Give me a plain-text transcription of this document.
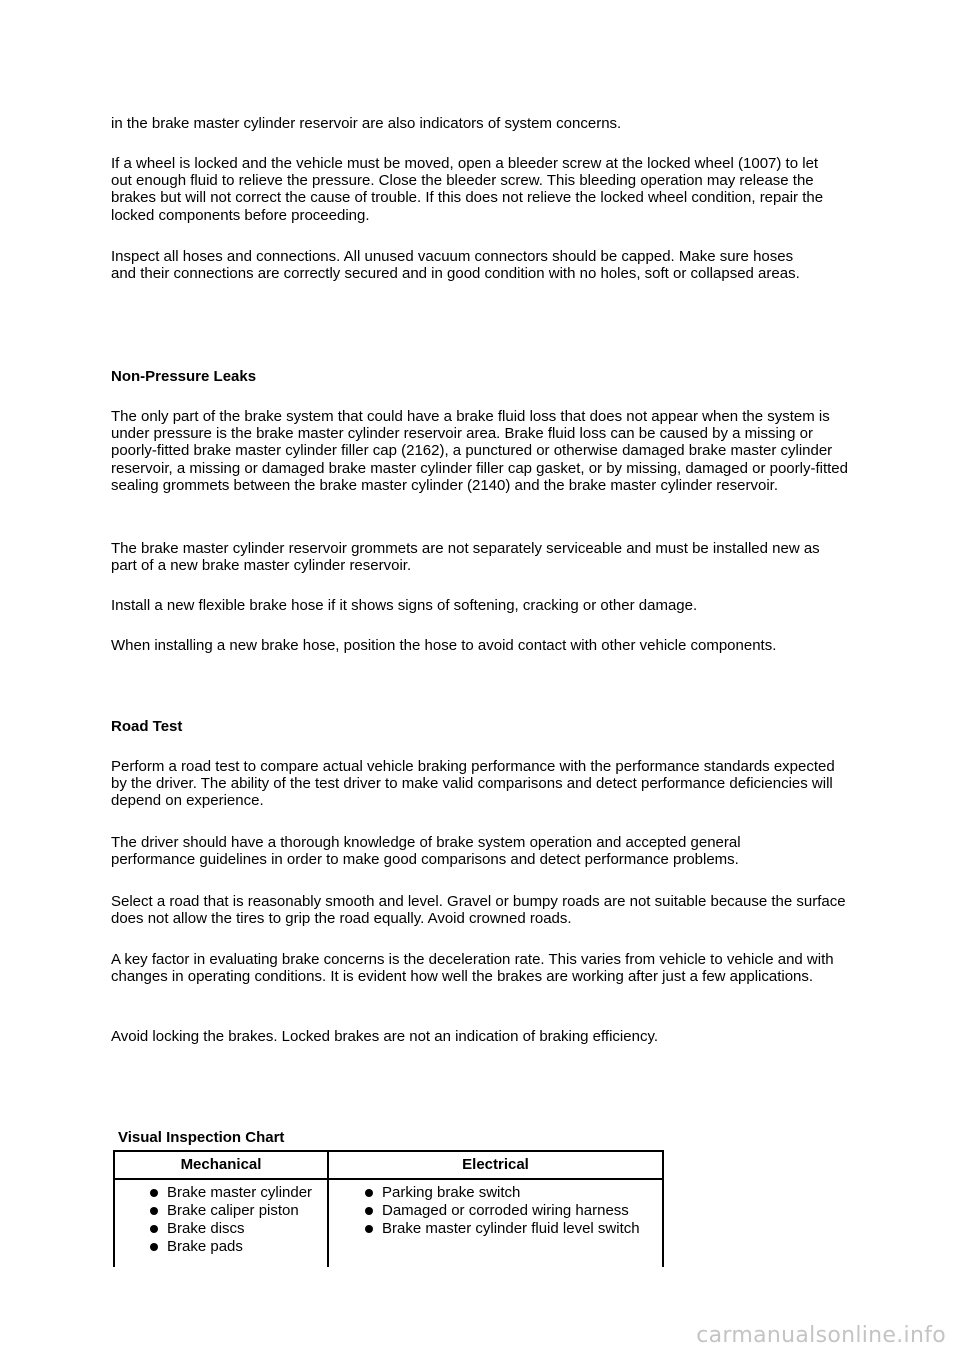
in the brake master cylinder reservoir are also indicators of system concerns.

If a wheel is locked and the vehicle must be moved, open a bleeder screw at the locked wheel (1007) to let out enough fluid to relieve the pressure. Close the bleeder screw. This bleeding operation may release the brakes but will not correct the cause of trouble. If this does not relieve the locked wheel condition, repair the locked components before proceeding.

Inspect all hoses and connections. All unused vacuum connectors should be capped. Make sure hoses and their connections are correctly secured and in good condition with no holes, soft or collapsed areas.

Non-Pressure Leaks

The only part of the brake system that could have a brake fluid loss that does not appear when the system is under pressure is the brake master cylinder reservoir area. Brake fluid loss can be caused by a missing or poorly-fitted brake master cylinder filler cap (2162), a punctured or otherwise damaged brake master cylinder reservoir, a missing or damaged brake master cylinder filler cap gasket, or by missing, damaged or poorly-fitted sealing grommets between the brake master cylinder (2140) and the brake master cylinder reservoir.

The brake master cylinder reservoir grommets are not separately serviceable and must be installed new as part of a new brake master cylinder reservoir.

Install a new flexible brake hose if it shows signs of softening, cracking or other damage.

When installing a new brake hose, position the hose to avoid contact with other vehicle components.

Road Test

Perform a road test to compare actual vehicle braking performance with the performance standards expected by the driver. The ability of the test driver to make valid comparisons and detect performance deficiencies will depend on experience.

The driver should have a thorough knowledge of brake system operation and accepted general performance guidelines in order to make good comparisons and detect performance problems.

Select a road that is reasonably smooth and level. Gravel or bumpy roads are not suitable because the surface does not allow the tires to grip the road equally. Avoid crowned roads.

A key factor in evaluating brake concerns is the deceleration rate. This varies from vehicle to vehicle and with changes in operating conditions. It is evident how well the brakes are working after just a few applications.

Avoid locking the brakes. Locked brakes are not an indication of braking efficiency.

Visual Inspection Chart
Mechanical	Electrical
Brake master cylinder
Brake caliper piston
Brake discs
Brake pads
Parking brake switch
Damaged or corroded wiring harness
Brake master cylinder fluid level switch
carmanualsonline.info
